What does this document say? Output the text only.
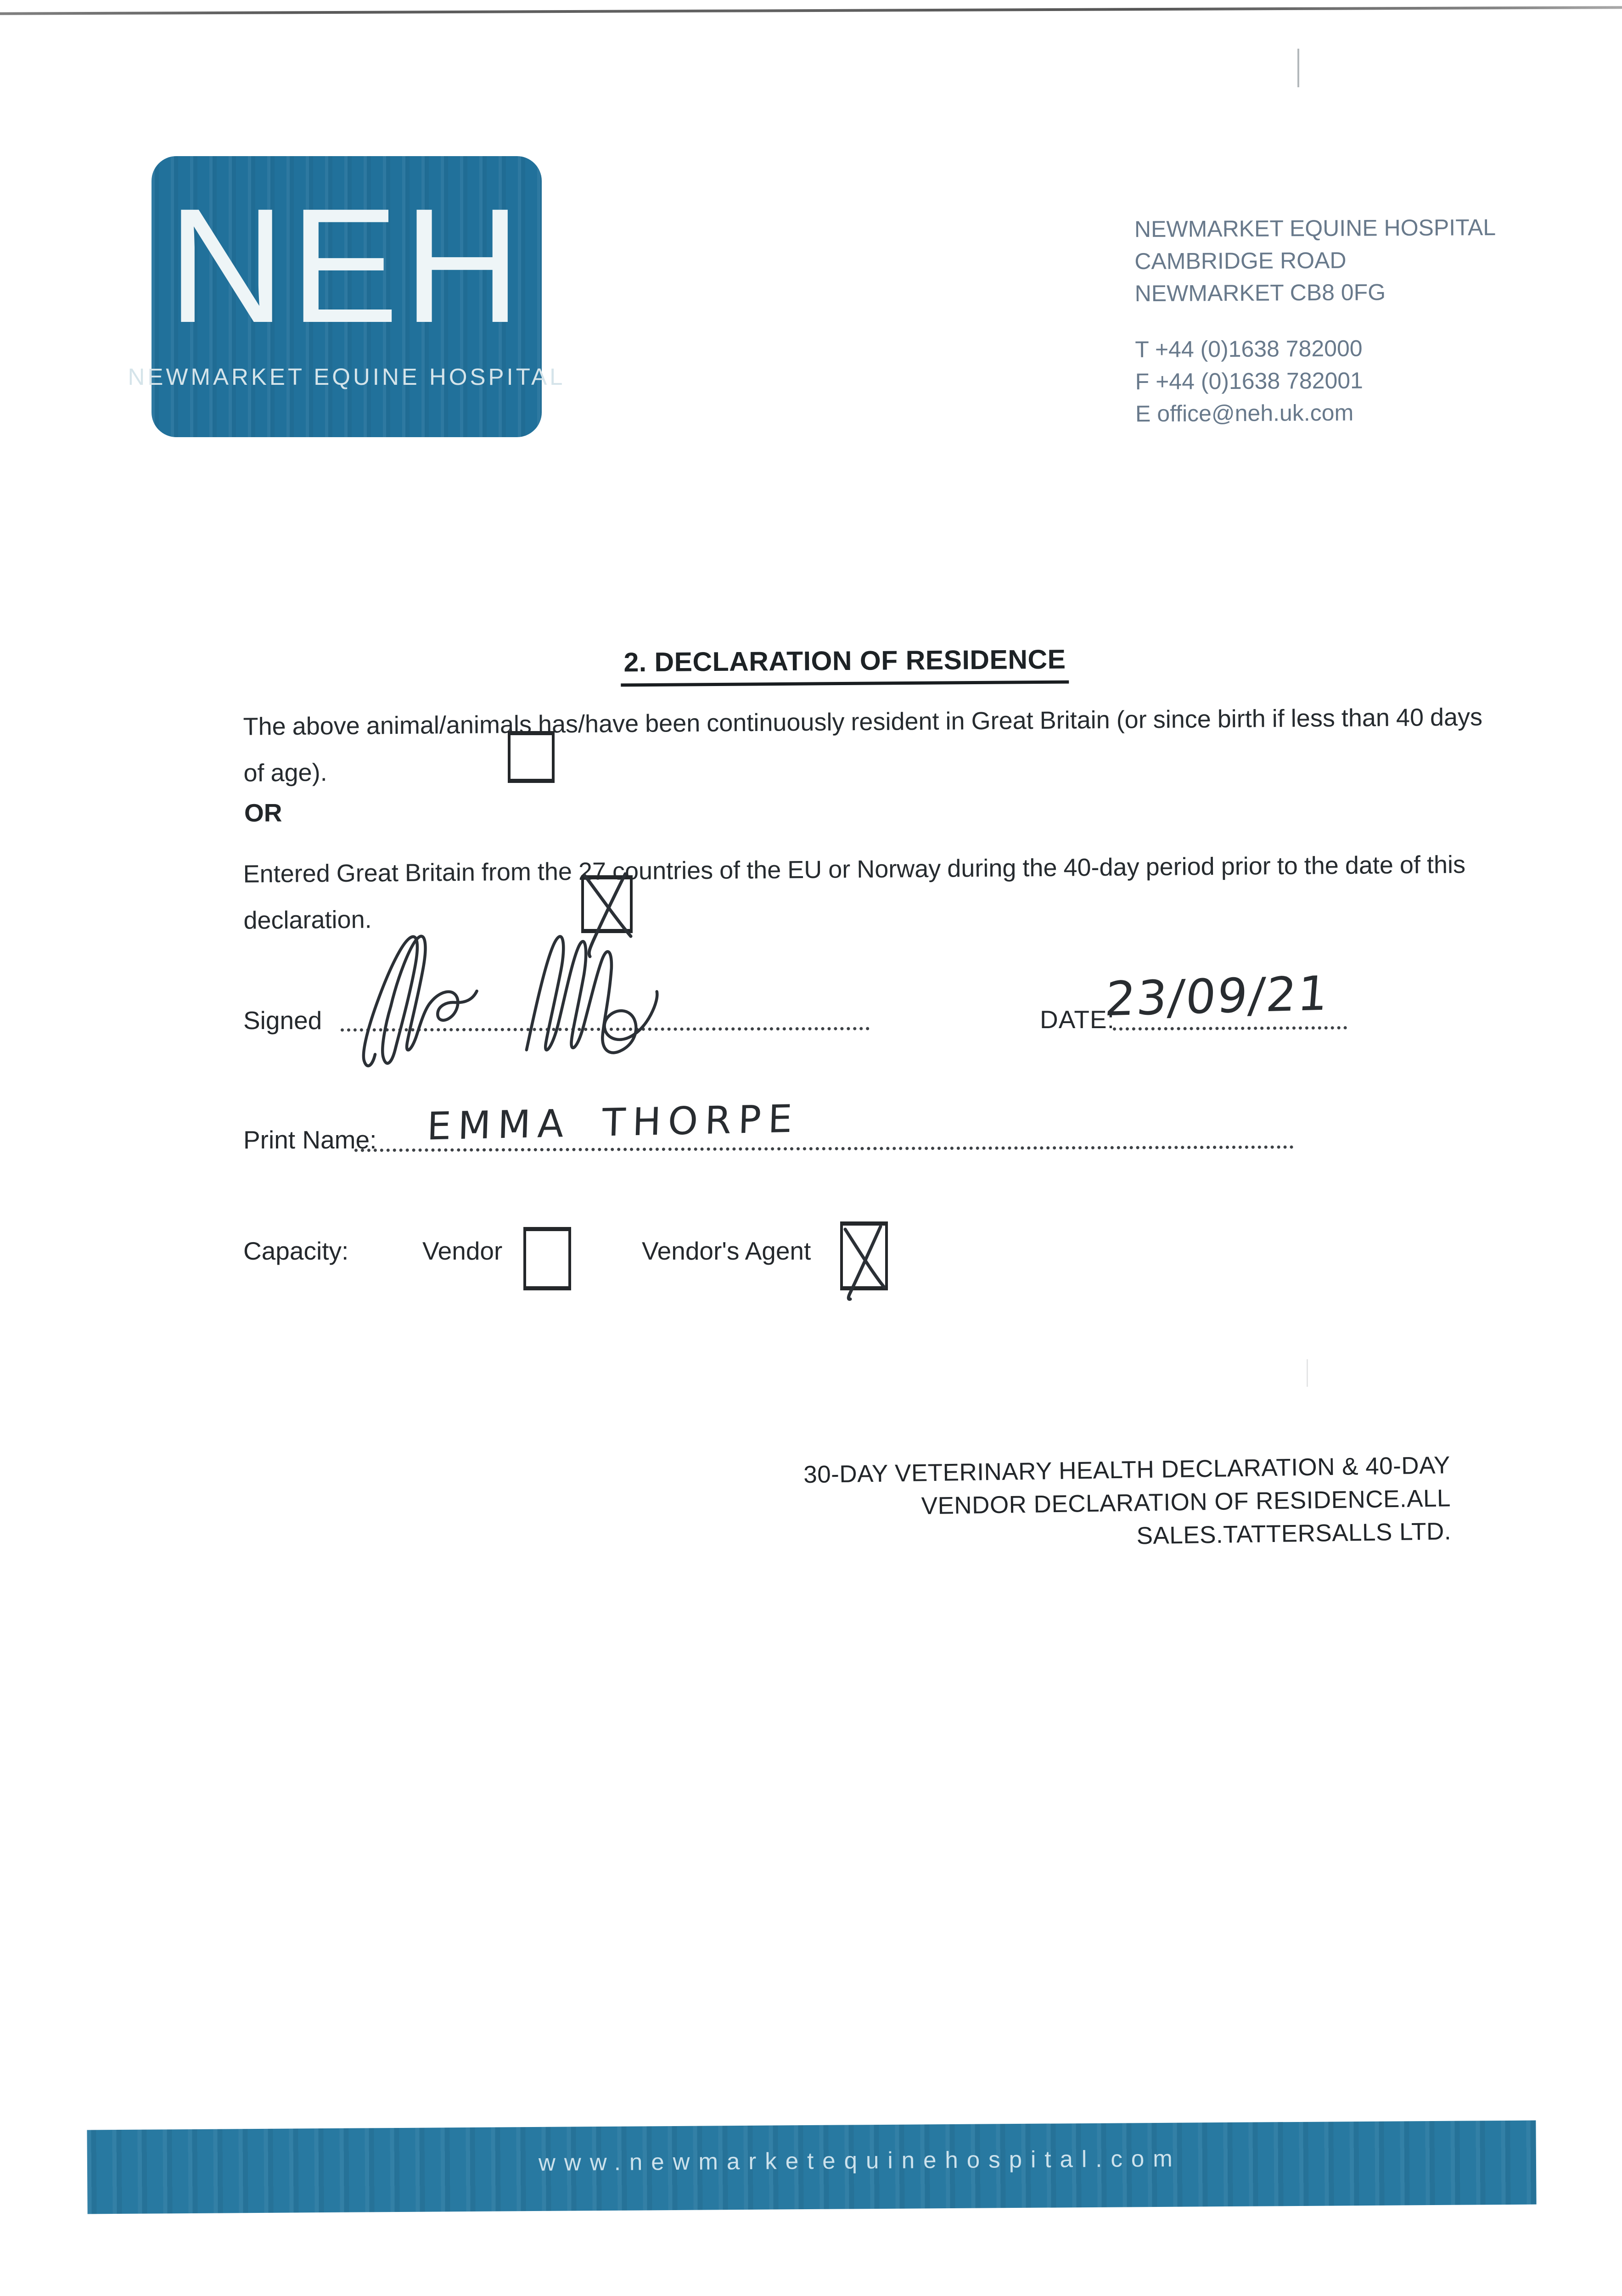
NEH
NEWMARKET EQUINE HOSPITAL
NEWMARKET EQUINE HOSPITAL
CAMBRIDGE ROAD
NEWMARKET CB8 0FG
T +44 (0)1638 782000
F +44 (0)1638 782001
E office@neh.uk.com
2. DECLARATION OF RESIDENCE
The above animal/animals has/have been continuously resident in Great Britain (or since birth if less than 40 days of age).
OR
Entered Great Britain from the 27 countries of the EU or Norway during the 40-day period prior to the date of this declaration.
Signed	DATE:
23/09/21
Print Name: EMMA THORPE
Capacity:	Vendor	Vendor's Agent
30-DAY VETERINARY HEALTH DECLARATION & 40-DAY
VENDOR DECLARATION OF RESIDENCE.ALL SALES.TATTERSALLS LTD.
www.newmarketequinehospital.com
